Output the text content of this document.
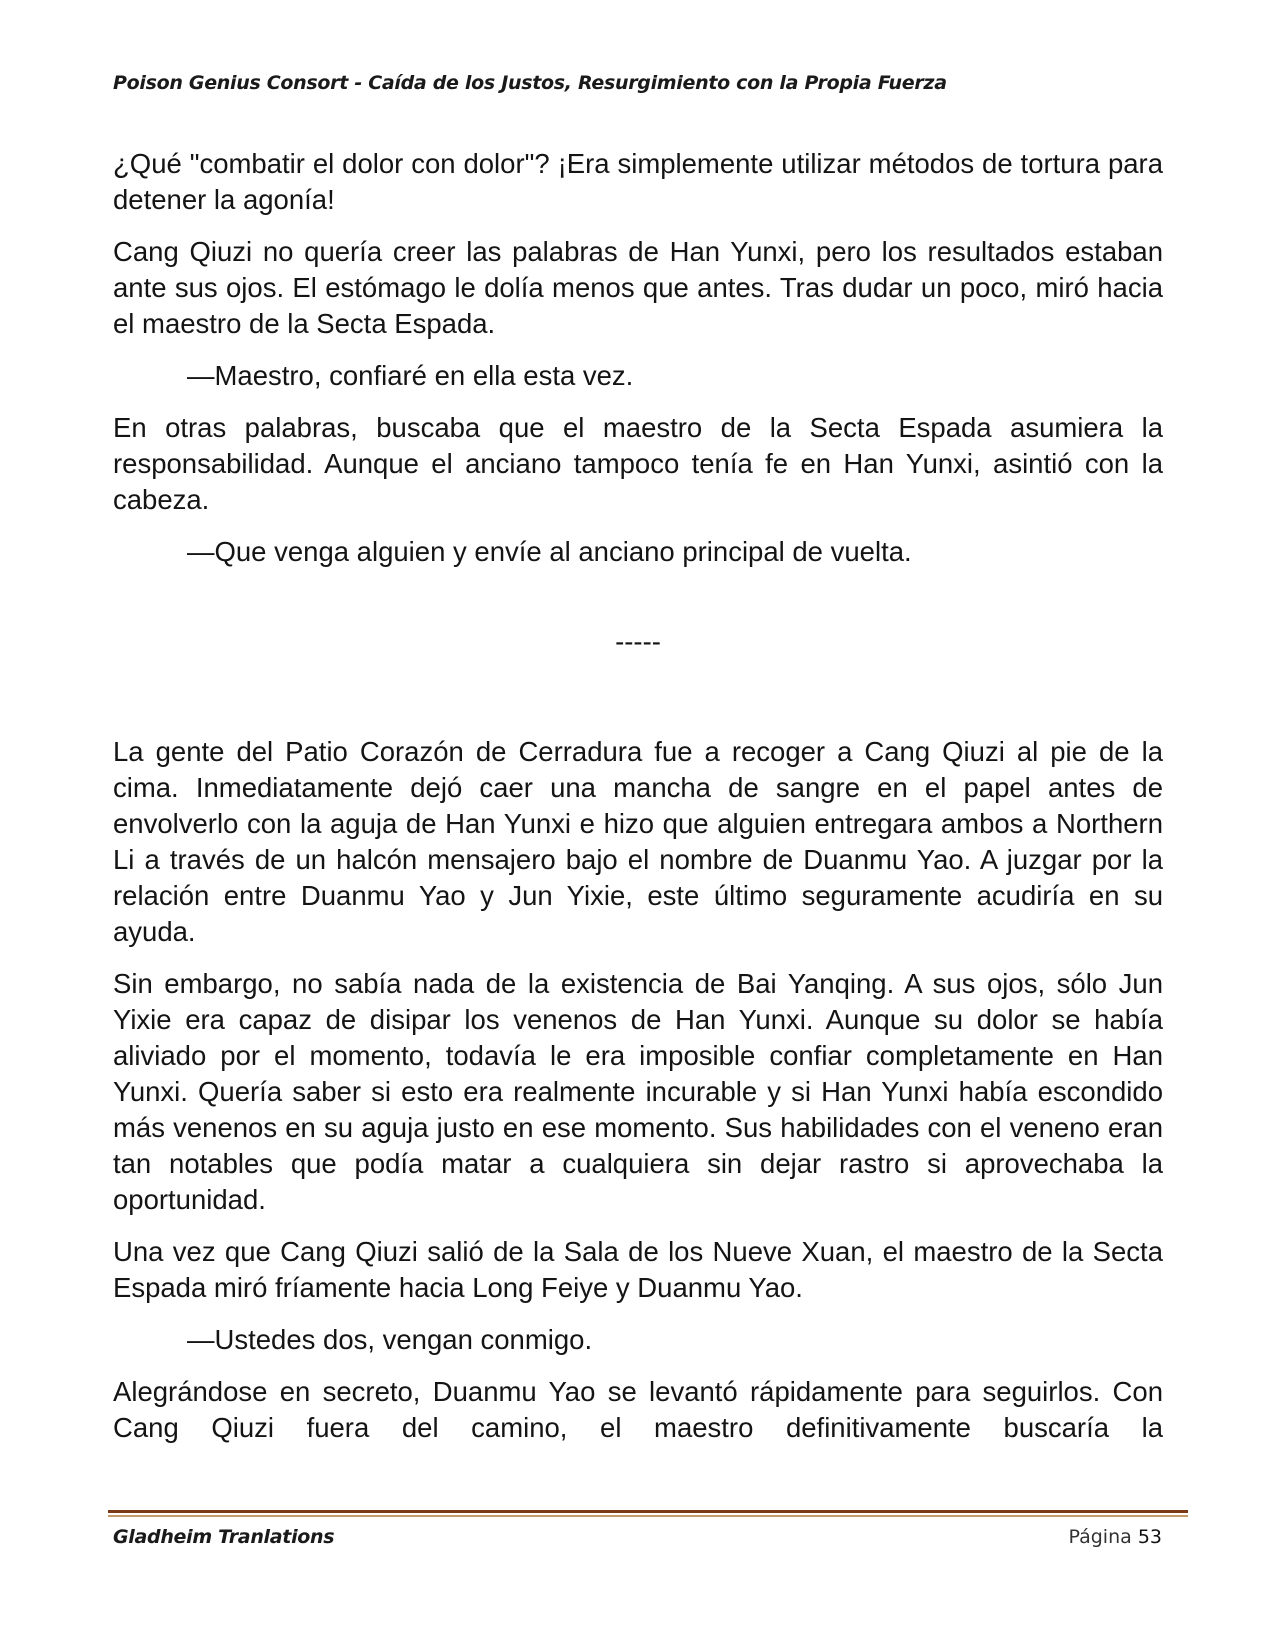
Poison Genius Consort - Caída de los Justos, Resurgimiento con la Propia Fuerza

¿Qué "combatir el dolor con dolor"? ¡Era simplemente utilizar métodos de tortura para detener la agonía!

Cang Qiuzi no quería creer las palabras de Han Yunxi, pero los resultados estaban ante sus ojos. El estómago le dolía menos que antes. Tras dudar un poco, miró hacia el maestro de la Secta Espada.

—Maestro, confiaré en ella esta vez.

En otras palabras, buscaba que el maestro de la Secta Espada asumiera la responsabilidad. Aunque el anciano tampoco tenía fe en Han Yunxi, asintió con la cabeza.

—Que venga alguien y envíe al anciano principal de vuelta.

-----

La gente del Patio Corazón de Cerradura fue a recoger a Cang Qiuzi al pie de la cima. Inmediatamente dejó caer una mancha de sangre en el papel antes de envolverlo con la aguja de Han Yunxi e hizo que alguien entregara ambos a Northern Li a través de un halcón mensajero bajo el nombre de Duanmu Yao. A juzgar por la relación entre Duanmu Yao y Jun Yixie, este último seguramente acudiría en su ayuda.

Sin embargo, no sabía nada de la existencia de Bai Yanqing. A sus ojos, sólo Jun Yixie era capaz de disipar los venenos de Han Yunxi. Aunque su dolor se había aliviado por el momento, todavía le era imposible confiar completamente en Han Yunxi. Quería saber si esto era realmente incurable y si Han Yunxi había escondido más venenos en su aguja justo en ese momento. Sus habilidades con el veneno eran tan notables que podía matar a cualquiera sin dejar rastro si aprovechaba la oportunidad.

Una vez que Cang Qiuzi salió de la Sala de los Nueve Xuan, el maestro de la Secta Espada miró fríamente hacia Long Feiye y Duanmu Yao.

—Ustedes dos, vengan conmigo.

Alegrándose en secreto, Duanmu Yao se levantó rápidamente para seguirlos. Con Cang Qiuzi fuera del camino, el maestro definitivamente buscaría la

Gladheim Tranlations	Página 53
